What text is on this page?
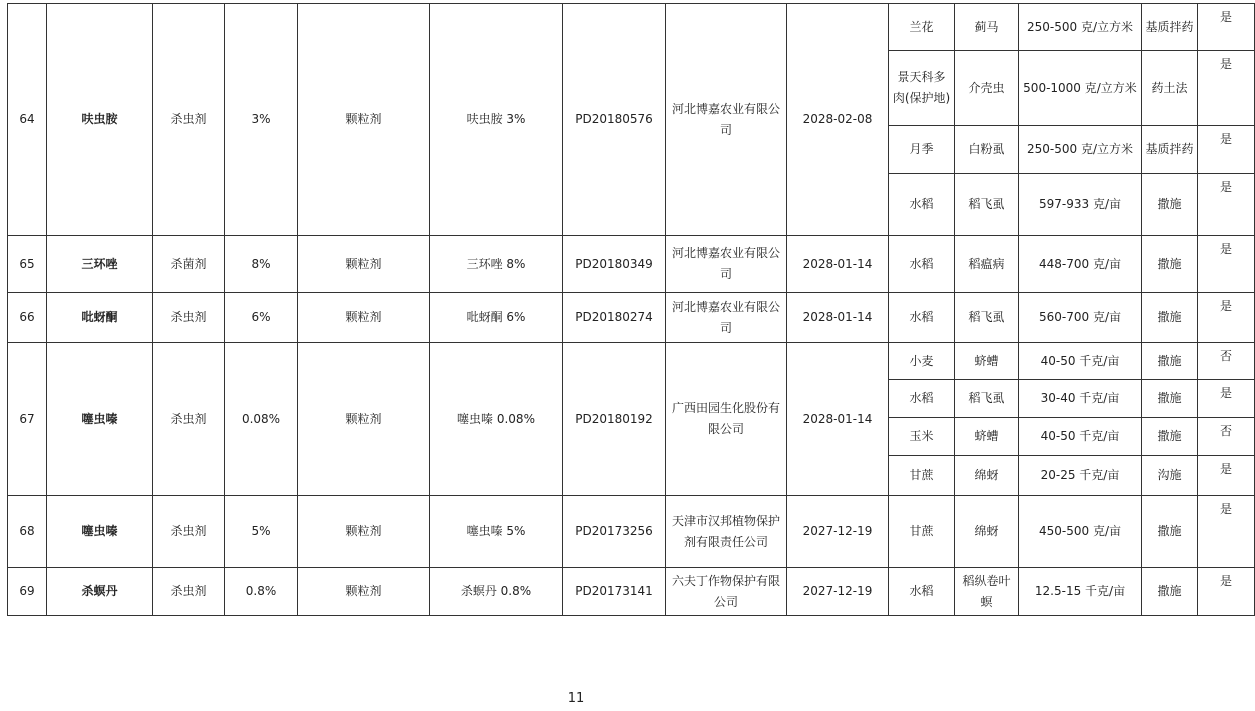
64	呋虫胺	杀虫剂	3%	颗粒剂	呋虫胺 3%	PD20180576	河北博嘉农业有限公司	2028-02-08	兰花	蓟马	250-500 克/立方米	基质拌药	是
									景天科多肉(保护地)	介壳虫	500-1000 克/立方米	药土法	是
									月季	白粉虱	250-500 克/立方米	基质拌药	是
									水稻	稻飞虱	597-933 克/亩	撒施	是
65	三环唑	杀菌剂	8%	颗粒剂	三环唑 8%	PD20180349	河北博嘉农业有限公司	2028-01-14	水稻	稻瘟病	448-700 克/亩	撒施	是
66	吡蚜酮	杀虫剂	6%	颗粒剂	吡蚜酮 6%	PD20180274	河北博嘉农业有限公司	2028-01-14	水稻	稻飞虱	560-700 克/亩	撒施	是
67	噻虫嗪	杀虫剂	0.08%	颗粒剂	噻虫嗪 0.08%	PD20180192	广西田园生化股份有限公司	2028-01-14	小麦	蛴螬	40-50 千克/亩	撒施	否
									水稻	稻飞虱	30-40 千克/亩	撒施	是
									玉米	蛴螬	40-50 千克/亩	撒施	否
									甘蔗	绵蚜	20-25 千克/亩	沟施	是
68	噻虫嗪	杀虫剂	5%	颗粒剂	噻虫嗪 5%	PD20173256	天津市汉邦植物保护剂有限责任公司	2027-12-19	甘蔗	绵蚜	450-500 克/亩	撒施	是
69	杀螟丹	杀虫剂	0.8%	颗粒剂	杀螟丹 0.8%	PD20173141	六夫丁作物保护有限公司	2027-12-19	水稻	稻纵卷叶螟	12.5-15 千克/亩	撒施	是
11
